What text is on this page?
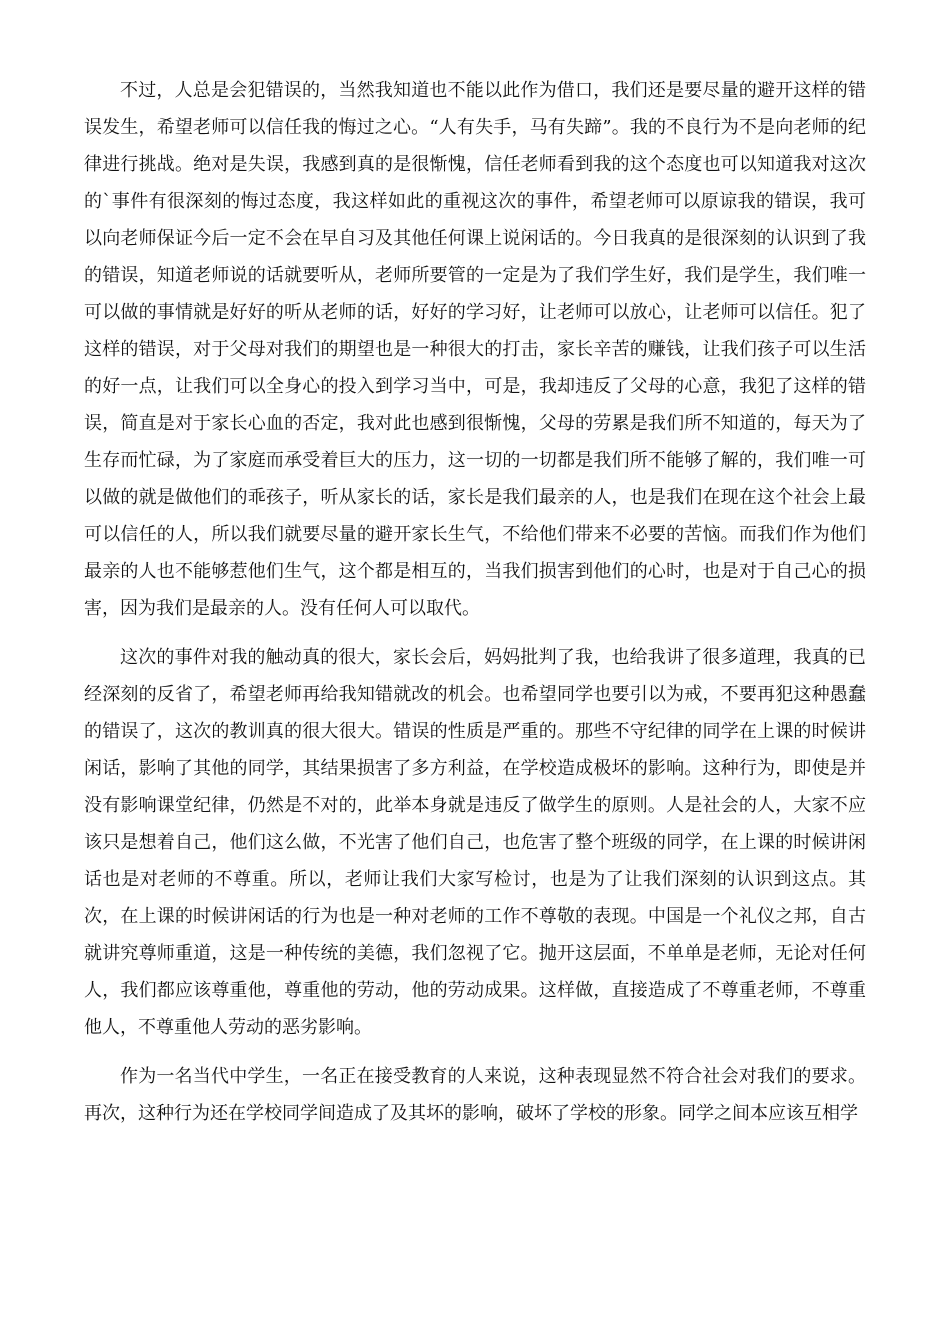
不过，人总是会犯错误的，当然我知道也不能以此作为借口，我们还是要尽量的避开这样的错误发生，希望老师可以信任我的悔过之心。“人有失手，马有失蹄”。我的不良行为不是向老师的纪律进行挑战。绝对是失误，我感到真的是很惭愧，信任老师看到我的这个态度也可以知道我对这次的`事件有很深刻的悔过态度，我这样如此的重视这次的事件，希望老师可以原谅我的错误，我可以向老师保证今后一定不会在早自习及其他任何课上说闲话的。今日我真的是很深刻的认识到了我的错误，知道老师说的话就要听从，老师所要管的一定是为了我们学生好，我们是学生，我们唯一可以做的事情就是好好的听从老师的话，好好的学习好，让老师可以放心，让老师可以信任。犯了这样的错误，对于父母对我们的期望也是一种很大的打击，家长辛苦的赚钱，让我们孩子可以生活的好一点，让我们可以全身心的投入到学习当中，可是，我却违反了父母的心意，我犯了这样的错误，简直是对于家长心血的否定，我对此也感到很惭愧，父母的劳累是我们所不知道的，每天为了生存而忙碌，为了家庭而承受着巨大的压力，这一切的一切都是我们所不能够了解的，我们唯一可以做的就是做他们的乖孩子，听从家长的话，家长是我们最亲的人，也是我们在现在这个社会上最可以信任的人，所以我们就要尽量的避开家长生气，不给他们带来不必要的苦恼。而我们作为他们最亲的人也不能够惹他们生气，这个都是相互的，当我们损害到他们的心时，也是对于自己心的损害，因为我们是最亲的人。没有任何人可以取代。

这次的事件对我的触动真的很大，家长会后，妈妈批判了我，也给我讲了很多道理，我真的已经深刻的反省了，希望老师再给我知错就改的机会。也希望同学也要引以为戒，不要再犯这种愚蠢的错误了，这次的教训真的很大很大。错误的性质是严重的。那些不守纪律的同学在上课的时候讲闲话，影响了其他的同学，其结果损害了多方利益，在学校造成极坏的影响。这种行为，即使是并没有影响课堂纪律，仍然是不对的，此举本身就是违反了做学生的原则。人是社会的人，大家不应该只是想着自己，他们这么做，不光害了他们自己，也危害了整个班级的同学，在上课的时候讲闲话也是对老师的不尊重。所以，老师让我们大家写检讨，也是为了让我们深刻的认识到这点。其次，在上课的时候讲闲话的行为也是一种对老师的工作不尊敬的表现。中国是一个礼仪之邦，自古就讲究尊师重道，这是一种传统的美德，我们忽视了它。抛开这层面，不单单是老师，无论对任何人，我们都应该尊重他，尊重他的劳动，他的劳动成果。这样做，直接造成了不尊重老师，不尊重他人，不尊重他人劳动的恶劣影响。

作为一名当代中学生，一名正在接受教育的人来说，这种表现显然不符合社会对我们的要求。再次，这种行为还在学校同学间造成了及其坏的影响，破坏了学校的形象。同学之间本应该互相学
